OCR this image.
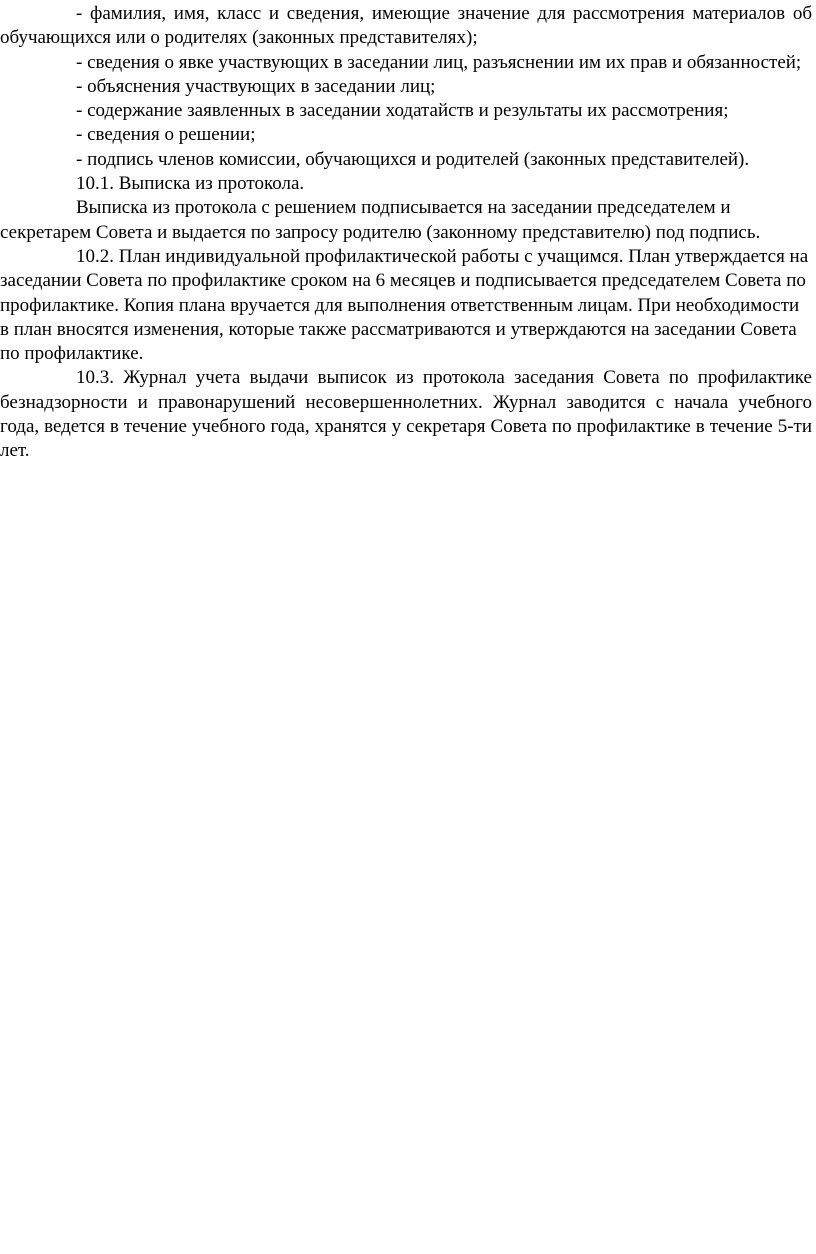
- фамилия, имя, класс и сведения, имеющие значение для рассмотрения материалов об обучающихся или о родителях (законных представителях);

- сведения о явке участвующих в заседании лиц, разъяснении им их прав и обязанностей;

- объяснения участвующих в заседании лиц;

- содержание заявленных в заседании ходатайств и результаты их рассмотрения;

- сведения о решении;

- подпись членов комиссии, обучающихся и родителей (законных представителей).

10.1. Выписка из протокола.

Выписка из протокола с решением подписывается на заседании председателем и секретарем Совета и выдается по запросу родителю (законному представителю) под подпись.

10.2. План индивидуальной профилактической работы с учащимся. План утверждается на заседании Совета по профилактике сроком на 6 месяцев и подписывается председателем Совета по профилактике. Копия плана вручается для выполнения ответственным лицам. При необходимости в план вносятся изменения, которые также рассматриваются и утверждаются на заседании Совета по профилактике.

10.3. Журнал учета выдачи выписок из протокола заседания Совета по профилактике безнадзорности и правонарушений несовершеннолетних. Журнал заводится с начала учебного года, ведется в течение учебного года, хранятся у секретаря Совета по профилактике в течение 5-ти лет.
